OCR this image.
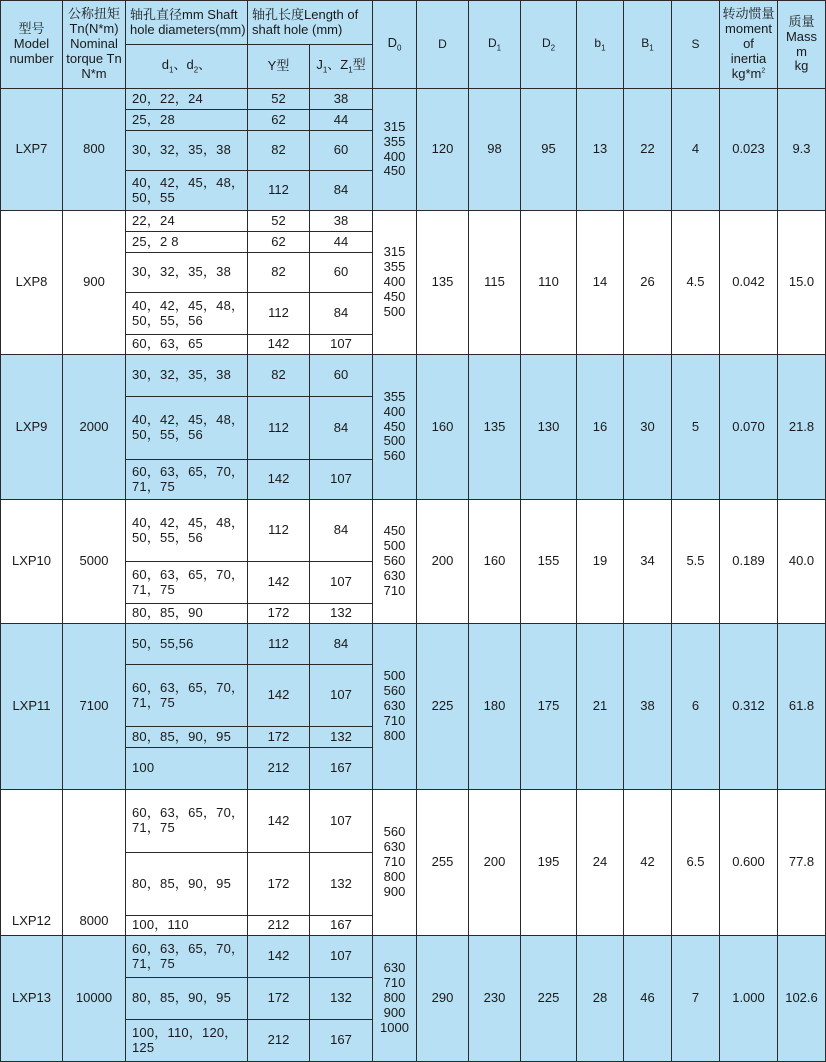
型号
Model
number	公称扭矩
Tn(N*m)
Nominal
torque Tn
N*m	轴孔直径mm Shaft
hole diameters(mm)	轴孔长度Length of
shaft hole (mm)		$D_0$	D	$D_1$	$D_2$	$b_1$	$B_1$	S	转动惯量
moment
of
inertia
$kg*m^2$	质量
Mass
m
kg

		$d_1$、$d_2$、	Y型	$J_1$、$Z_1$型									
LXP7	800	20，22，24	52	38	315
355
400
450	120	98	95	13	22	4	0.023	9.3

		25，28	62	44									

		30，32，35，38	82	60									

		40，42，45，48，
50，55	112	84									
LXP8	900	22，24	52	38	315
355
400
450
500	135	115	110	14	26	4.5	0.042	15.0

		25，2 8	62	44									

		30，32，35，38	82	60									

		40，42，45，48，
50，55，56	112	84									

		60，63，65	142	107									
LXP9	2000	30，32，35，38	82	60	355
400
450
500
560	160	135	130	16	30	5	0.070	21.8

		40，42，45，48，
50，55，56	112	84									

		60，63，65，70，
71，75	142	107									
LXP10	5000	40，42，45，48，
50，55，56	112	84	450
500
560
630
710	200	160	155	19	34	5.5	0.189	40.0

		60，63，65，70，
71，75	142	107									

		80，85，90	172	132									
LXP11	7100	50，55,56	112	84	500
560
630
710
800	225	180	175	21	38	6	0.312	61.8

		60，63，65，70，
71，75	142	107									

		80，85，90，95	172	132									

		100	212	167									
LXP12	8000	60，63，65，70，
71，75	142	107	560
630
710
800
900	255	200	195	24	42	6.5	0.600	77.8

		80，85，90，95	172	132									

		100，110	212	167									
LXP13	10000	60，63，65，70，
71，75	142	107	630
710
800
900
1000	290	230	225	28	46	7	1.000	102.6

		80，85，90，95	172	132									

		100，110，120，
125	212	167									
